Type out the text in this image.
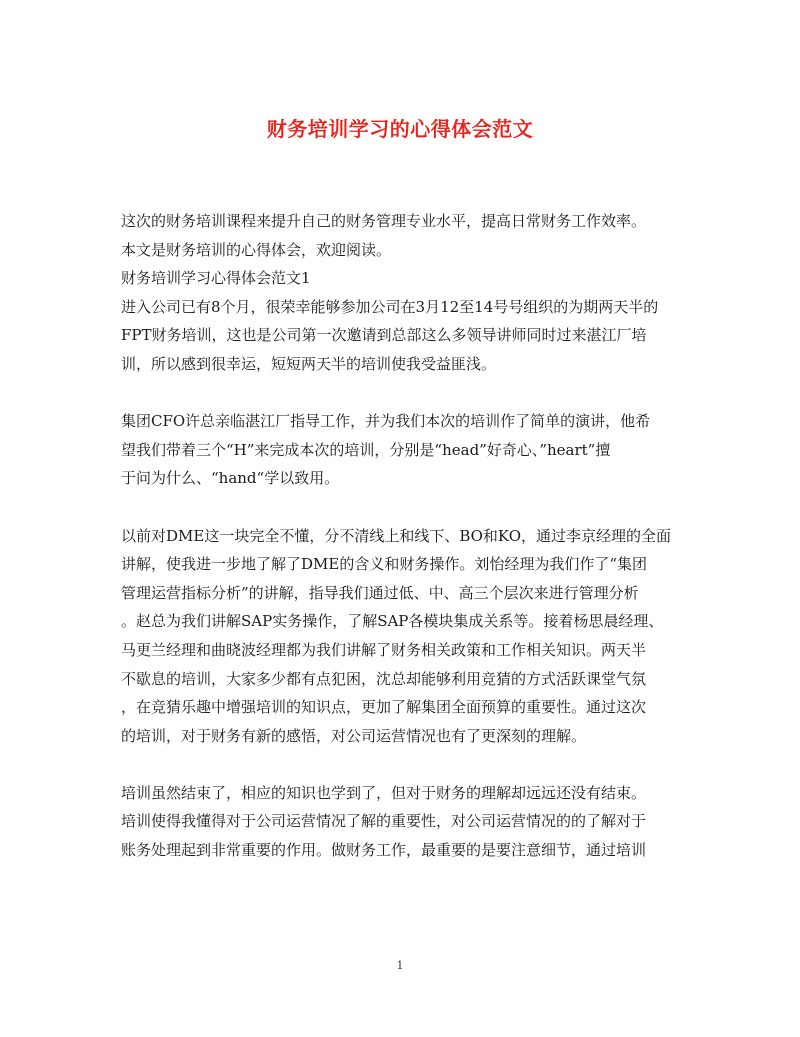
财务培训学习的心得体会范文
这次的财务培训课程来提升自己的财务管理专业水平，提高日常财务工作效率。
本文是财务培训的心得体会，欢迎阅读。
财务培训学习心得体会范文1
进入公司已有8个月，很荣幸能够参加公司在3月12至14号号组织的为期两天半的
FPT财务培训，这也是公司第一次邀请到总部这么多领导讲师同时过来湛江厂培
训，所以感到很幸运，短短两天半的培训使我受益匪浅。
集团CFO许总亲临湛江厂指导工作，并为我们本次的培训作了简单的演讲，他希
望我们带着三个“H”来完成本次的培训，分别是“head”好奇心、”heart”擅
于问为什么、“hand“学以致用。
以前对DME这一块完全不懂，分不清线上和线下、BO和KO，通过李京经理的全面
讲解，使我进一步地了解了DME的含义和财务操作。刘怡经理为我们作了“集团
管理运营指标分析”的讲解，指导我们通过低、中、高三个层次来进行管理分析
。赵总为我们讲解SAP实务操作，了解SAP各模块集成关系等。接着杨思晨经理、
马更兰经理和曲晓波经理都为我们讲解了财务相关政策和工作相关知识。两天半
不歇息的培训，大家多少都有点犯困，沈总却能够利用竞猜的方式活跃课堂气氛
，在竞猜乐趣中增强培训的知识点，更加了解集团全面预算的重要性。通过这次
的培训，对于财务有新的感悟，对公司运营情况也有了更深刻的理解。
培训虽然结束了，相应的知识也学到了，但对于财务的理解却远远还没有结束。
培训使得我懂得对于公司运营情况了解的重要性，对公司运营情况的的了解对于
账务处理起到非常重要的作用。做财务工作，最重要的是要注意细节，通过培训
1
